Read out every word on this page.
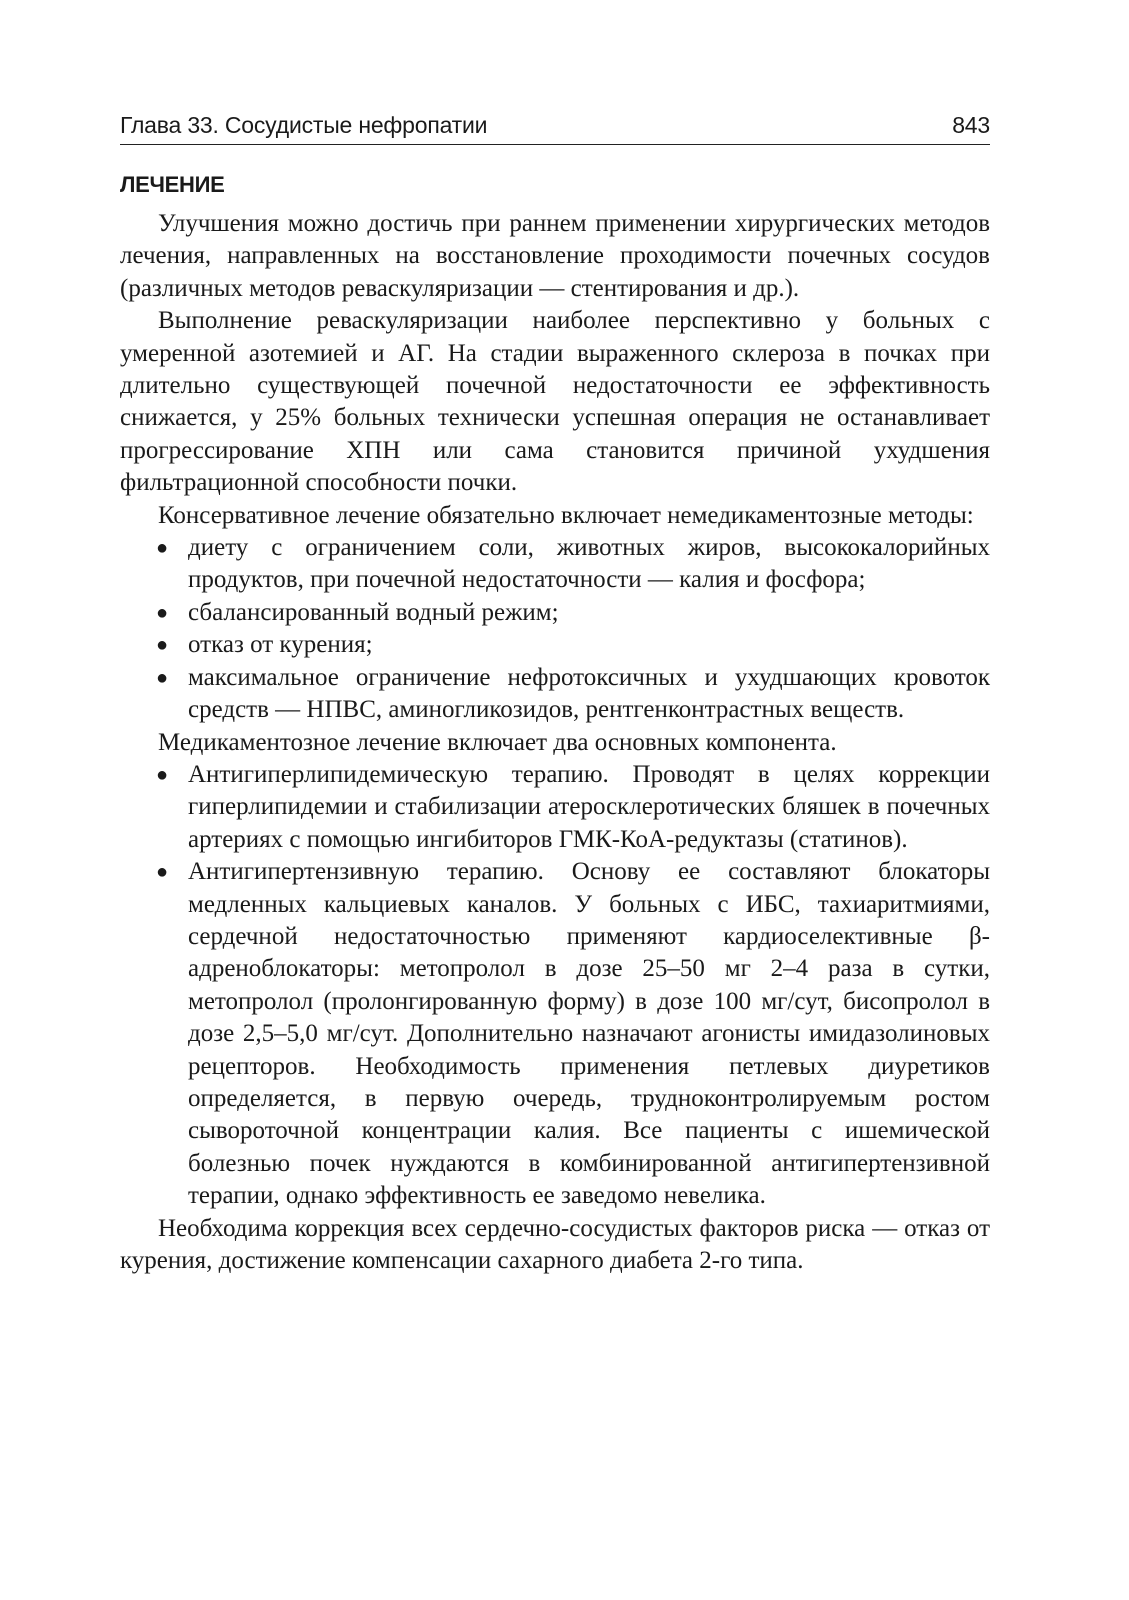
Глава 33. Сосудистые нефропатии	843
ЛЕЧЕНИЕ

Улучшения можно достичь при раннем применении хирургических методов лечения, направленных на восстановление проходимости почечных сосудов (различных методов реваскуляризации — стентирования и др.).

Выполнение реваскуляризации наиболее перспективно у больных с умеренной азотемией и АГ. На стадии выраженного склероза в почках при длительно существующей почечной недостаточности ее эффективность снижается, у 25% больных технически успешная операция не останавливает прогрессирование ХПН или сама становится причиной ухудшения фильтрационной способности почки.

Консервативное лечение обязательно включает немедикаментозные методы:

● диету с ограничением соли, животных жиров, высококалорийных продуктов, при почечной недостаточности — калия и фосфора;
● сбалансированный водный режим;
● отказ от курения;
● максимальное ограничение нефротоксичных и ухудшающих кровоток средств — НПВС, аминогликозидов, рентгенконтрастных веществ.

Медикаментозное лечение включает два основных компонента.

● Антигиперлипидемическую терапию. Проводят в целях коррекции гиперлипидемии и стабилизации атеросклеротических бляшек в почечных артериях с помощью ингибиторов ГМК-КоА-редуктазы (статинов).
● Антигипертензивную терапию. Основу ее составляют блокаторы медленных кальциевых каналов. У больных с ИБС, тахиаритмиями, сердечной недостаточностью применяют кардиоселективные β-адреноблокаторы: метопролол в дозе 25–50 мг 2–4 раза в сутки, метопролол (пролонгированную форму) в дозе 100 мг/сут, бисопролол в дозе 2,5–5,0 мг/сут. Дополнительно назначают агонисты имидазолиновых рецепторов. Необходимость применения петлевых диуретиков определяется, в первую очередь, трудноконтролируемым ростом сывороточной концентрации калия. Все пациенты с ишемической болезнью почек нуждаются в комбинированной антигипертензивной терапии, однако эффективность ее заведомо невелика.

Необходима коррекция всех сердечно-сосудистых факторов риска — отказ от курения, достижение компенсации сахарного диабета 2-го типа.
